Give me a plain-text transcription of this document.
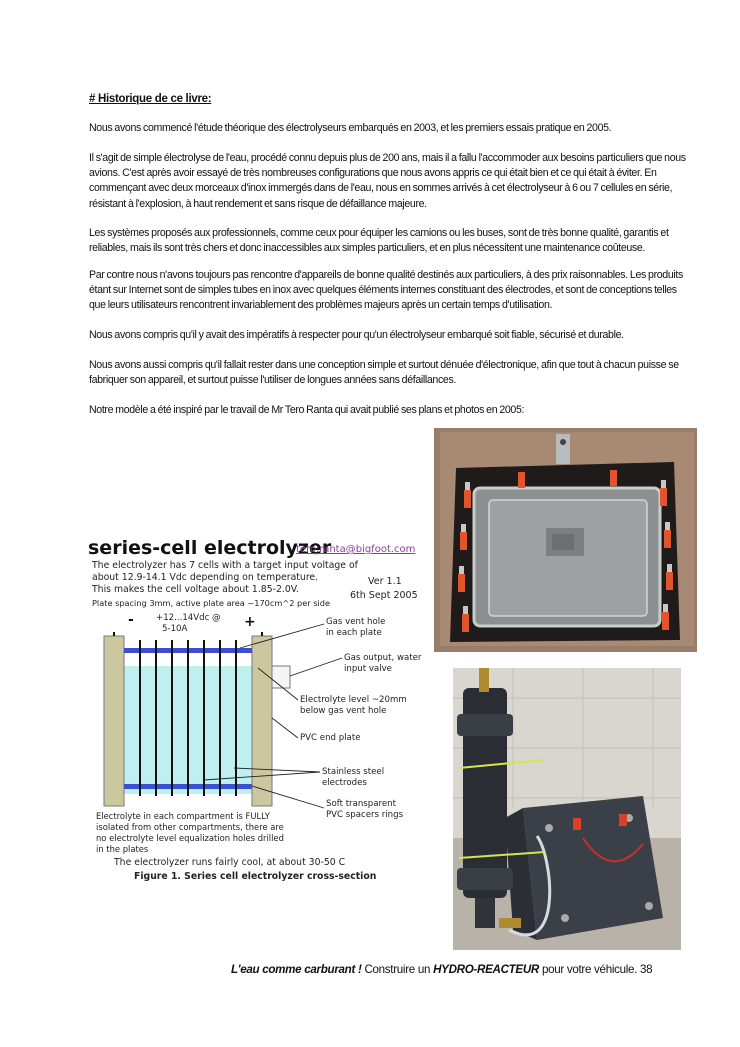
# Historique de ce livre:

Nous avons commencé l'étude théorique des électrolyseurs embarqués en 2003, et les premiers essais pratique en 2005.

Il s'agit de simple électrolyse de l'eau, procédé connu depuis plus de 200 ans, mais il a fallu l'accommoder aux besoins particuliers que nous avions. C'est après avoir essayé de très nombreuses configurations que nous avons appris ce qui était bien et ce qui était à éviter. En commençant avec deux morceaux d'inox immergés dans de l'eau, nous en sommes arrivés à cet électrolyseur à 6 ou 7 cellules en série, résistant à l'explosion, à haut rendement et sans risque de défaillance majeure.

Les systèmes proposés aux professionnels, comme ceux pour équiper les camions ou les buses, sont de très bonne qualité, garantis et reliables, mais ils sont très chers et donc inaccessibles aux simples particuliers, et en plus nécessitent une maintenance coûteuse.

Par contre nous n'avons toujours pas rencontre d'appareils de bonne qualité destinés aux particuliers, à des prix raisonnables. Les produits étant sur Internet sont de simples tubes en inox avec quelques éléments internes constituant des électrodes, et sont de conceptions telles que leurs utilisateurs rencontrent invariablement des problèmes majeurs après un certain temps d'utilisation.

Nous avons compris qu'il y avait des impératifs à respecter pour qu'un électrolyseur embarqué soit fiable, sécurisé et durable.

Nous avons aussi compris qu'il fallait rester dans une conception simple et surtout dénuée d'électronique, afin que tout à chacun puisse se fabriquer son appareil, et surtout puisse l'utiliser de longues années sans défaillances.

Notre modèle a été inspiré par le travail de Mr Tero Ranta qui avait publié ses plans et photos en 2005:

series-cell electrolyzer
tero.ranta@bigfoot.com
The electrolyzer has 7 cells with a target input voltage of
about 12.9-14.1 Vdc depending on temperature.
This makes the cell voltage about 1.85-2.0V.
Ver 1.1
6th Sept 2005
Plate spacing 3mm, active plate area ~170cm^2 per side
-	+
+12...14Vdc @
5-10A
Gas vent hole
in each plate
Gas output, water
input valve
Electrolyte level ~20mm
below gas vent hole
PVC end plate
Stainless steel
electrodes
Soft transparent
PVC spacers rings
Electrolyte in each compartment is FULLY
isolated from other compartments, there are
no electrolyte level equalization holes drilled
in the plates
The electrolyzer runs fairly cool, at about 30-50 C
Figure 1. Series cell electrolyzer cross-section
L'eau comme carburant ! Construire un HYDRO-REACTEUR pour votre véhicule. 38
